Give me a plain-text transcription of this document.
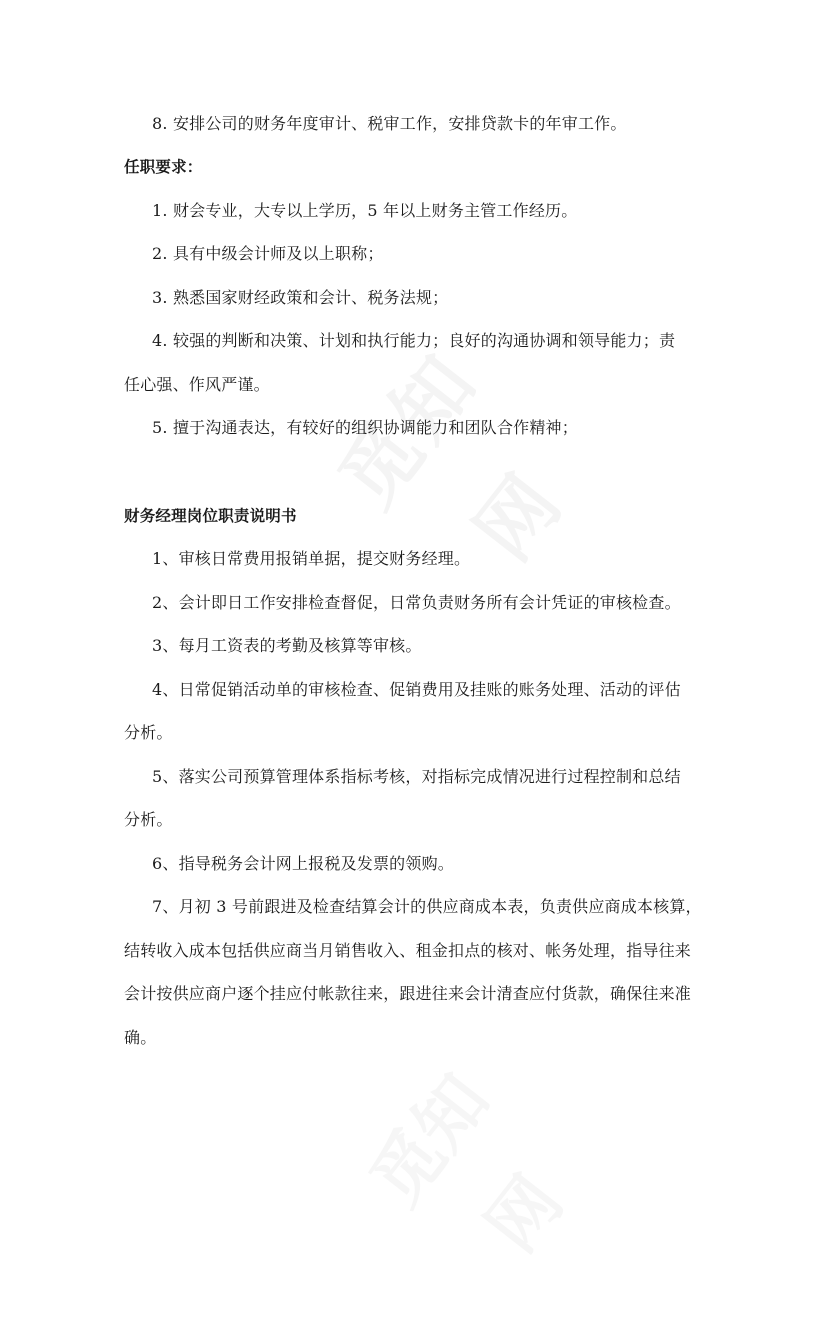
8. 安排公司的财务年度审计、税审工作，安排贷款卡的年审工作。
任职要求：
1. 财会专业，大专以上学历，5 年以上财务主管工作经历。
2. 具有中级会计师及以上职称；
3. 熟悉国家财经政策和会计、税务法规；
4. 较强的判断和决策、计划和执行能力；良好的沟通协调和领导能力；责
任心强、作风严谨。
5. 擅于沟通表达，有较好的组织协调能力和团队合作精神；
财务经理岗位职责说明书
1、审核日常费用报销单据，提交财务经理。
2、会计即日工作安排检查督促，日常负责财务所有会计凭证的审核检查。
3、每月工资表的考勤及核算等审核。
4、日常促销活动单的审核检查、促销费用及挂账的账务处理、活动的评估
分析。
5、落实公司预算管理体系指标考核，对指标完成情况进行过程控制和总结
分析。
6、指导税务会计网上报税及发票的领购。
7、月初 3 号前跟进及检查结算会计的供应商成本表，负责供应商成本核算，
结转收入成本包括供应商当月销售收入、租金扣点的核对、帐务处理，指导往来
会计按供应商户逐个挂应付帐款往来，跟进往来会计清查应付货款，确保往来准
确。
